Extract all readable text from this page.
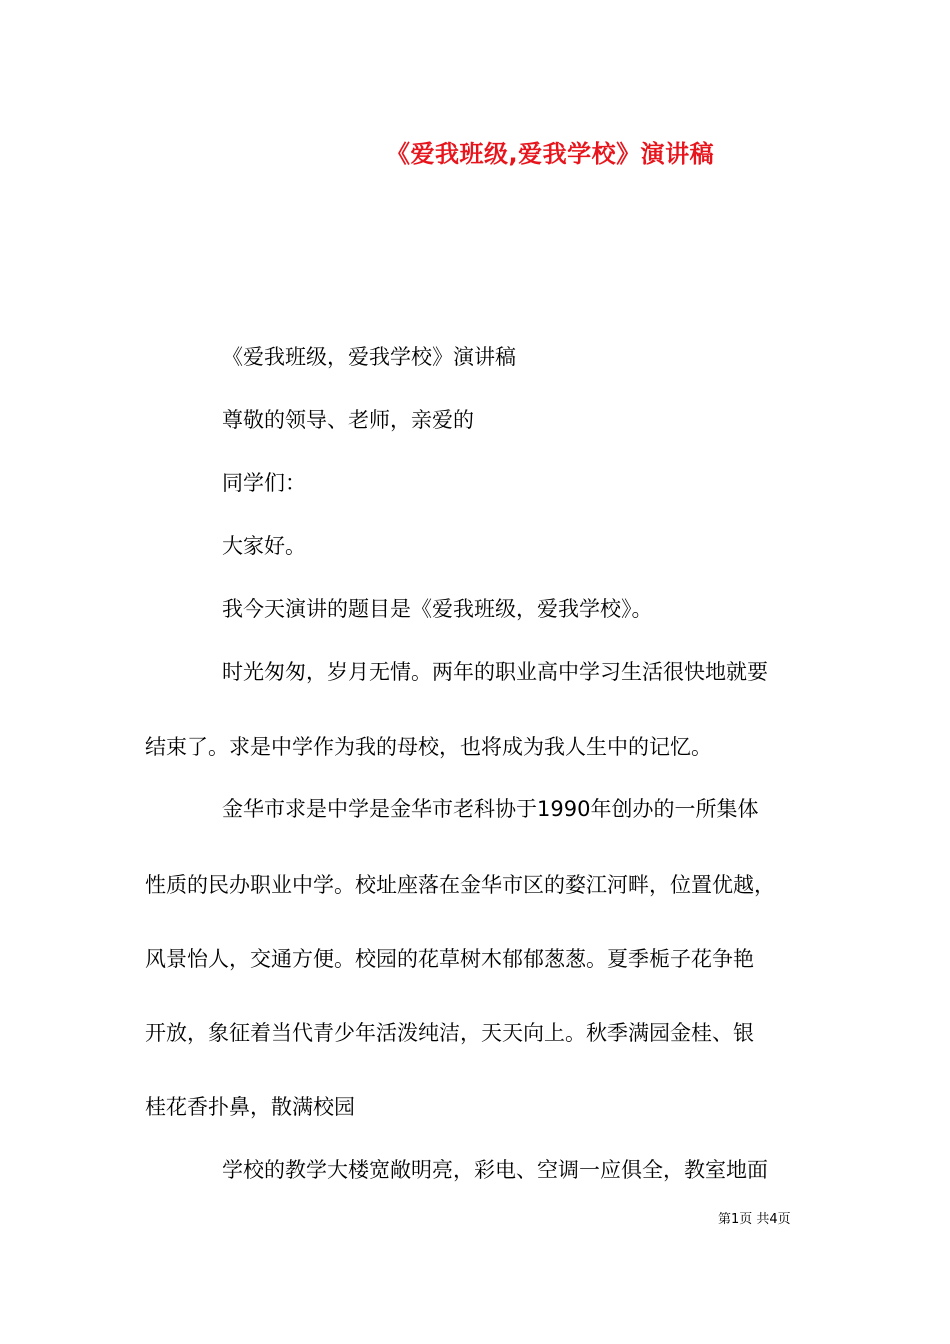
《爱我班级,爱我学校》演讲稿
《爱我班级，爱我学校》演讲稿
尊敬的领导、老师，亲爱的
同学们：
大家好。
我今天演讲的题目是《爱我班级，爱我学校》。
时光匆匆，岁月无情。两年的职业高中学习生活很快地就要
结束了。求是中学作为我的母校，也将成为我人生中的记忆。
金华市求是中学是金华市老科协于1990年创办的一所集体
性质的民办职业中学。校址座落在金华市区的婺江河畔，位置优越，
风景怡人，交通方便。校园的花草树木郁郁葱葱。夏季栀子花争艳
开放，象征着当代青少年活泼纯洁，天天向上。秋季满园金桂、银
桂花香扑鼻，散满校园
学校的教学大楼宽敞明亮，彩电、空调一应俱全，教室地面
第1页 共4页
